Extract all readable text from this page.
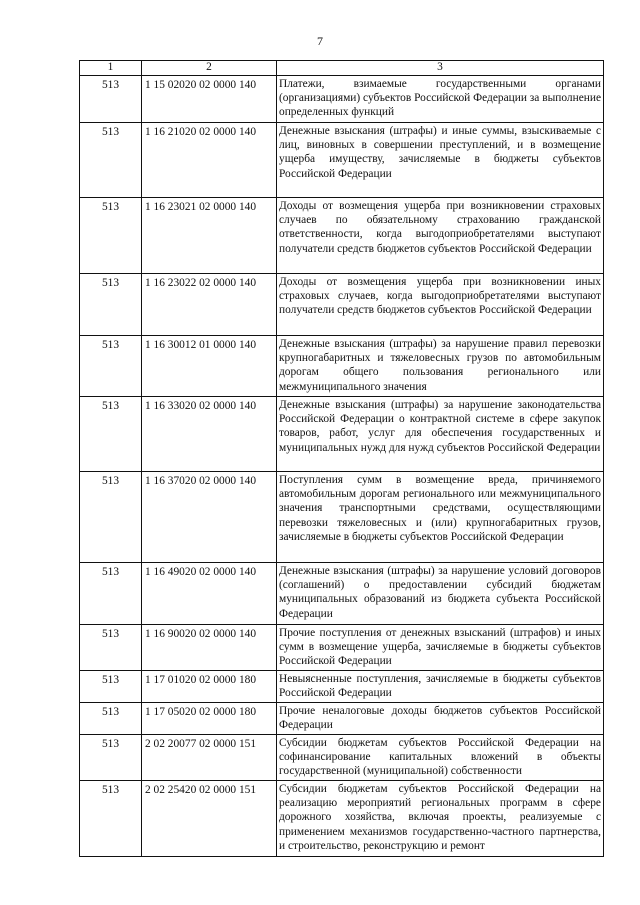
7
1	2	3
513	1 15 02020 02 0000 140	Платежи, взимаемые государственными органами (организациями) субъектов Российской Федерации за выполнение определенных функций
513	1 16 21020 02 0000 140	Денежные взыскания (штрафы) и иные суммы, взыскиваемые с лиц, виновных в совершении преступлений, и в возмещение ущерба имуществу, зачисляемые в бюджеты субъектов Российской Федерации
513	1 16 23021 02 0000 140	Доходы от возмещения ущерба при возникновении страховых случаев по обязательному страхованию гражданской ответственности, когда выгодоприобретателями выступают получатели средств бюджетов субъектов Российской Федерации
513	1 16 23022 02 0000 140	Доходы от возмещения ущерба при возникновении иных страховых случаев, когда выгодоприобретателями выступают получатели средств бюджетов субъектов Российской Федерации
513	1 16 30012 01 0000 140	Денежные взыскания (штрафы) за нарушение правил перевозки крупногабаритных и тяжеловесных грузов по автомобильным дорогам общего пользования регионального или межмуниципального значения
513	1 16 33020 02 0000 140	Денежные взыскания (штрафы) за нарушение законодательства Российской Федерации о контрактной системе в сфере закупок товаров, работ, услуг для обеспечения государственных и муниципальных нужд для нужд субъектов Российской Федерации
513	1 16 37020 02 0000 140	Поступления сумм в возмещение вреда, причиняемого автомобильным дорогам регионального или межмуниципального значения транспортными средствами, осуществляющими перевозки тяжеловесных и (или) крупногабаритных грузов, зачисляемые в бюджеты субъектов Российской Федерации
513	1 16 49020 02 0000 140	Денежные взыскания (штрафы) за нарушение условий договоров (соглашений) о предоставлении субсидий бюджетам муниципальных образований из бюджета субъекта Российской Федерации
513	1 16 90020 02 0000 140	Прочие поступления от денежных взысканий (штрафов) и иных сумм в возмещение ущерба, зачисляемые в бюджеты субъектов Российской Федерации
513	1 17 01020 02 0000 180	Невыясненные поступления, зачисляемые в бюджеты субъектов Российской Федерации
513	1 17 05020 02 0000 180	Прочие неналоговые доходы бюджетов субъектов Российской Федерации
513	2 02 20077 02 0000 151	Субсидии бюджетам субъектов Российской Федерации на софинансирование капитальных вложений в объекты государственной (муниципальной) собственности
513	2 02 25420 02 0000 151	Субсидии бюджетам субъектов Российской Федерации на реализацию мероприятий региональных программ в сфере дорожного хозяйства, включая проекты, реализуемые с применением механизмов государственно-частного партнерства, и строительство, реконструкцию и ремонт
